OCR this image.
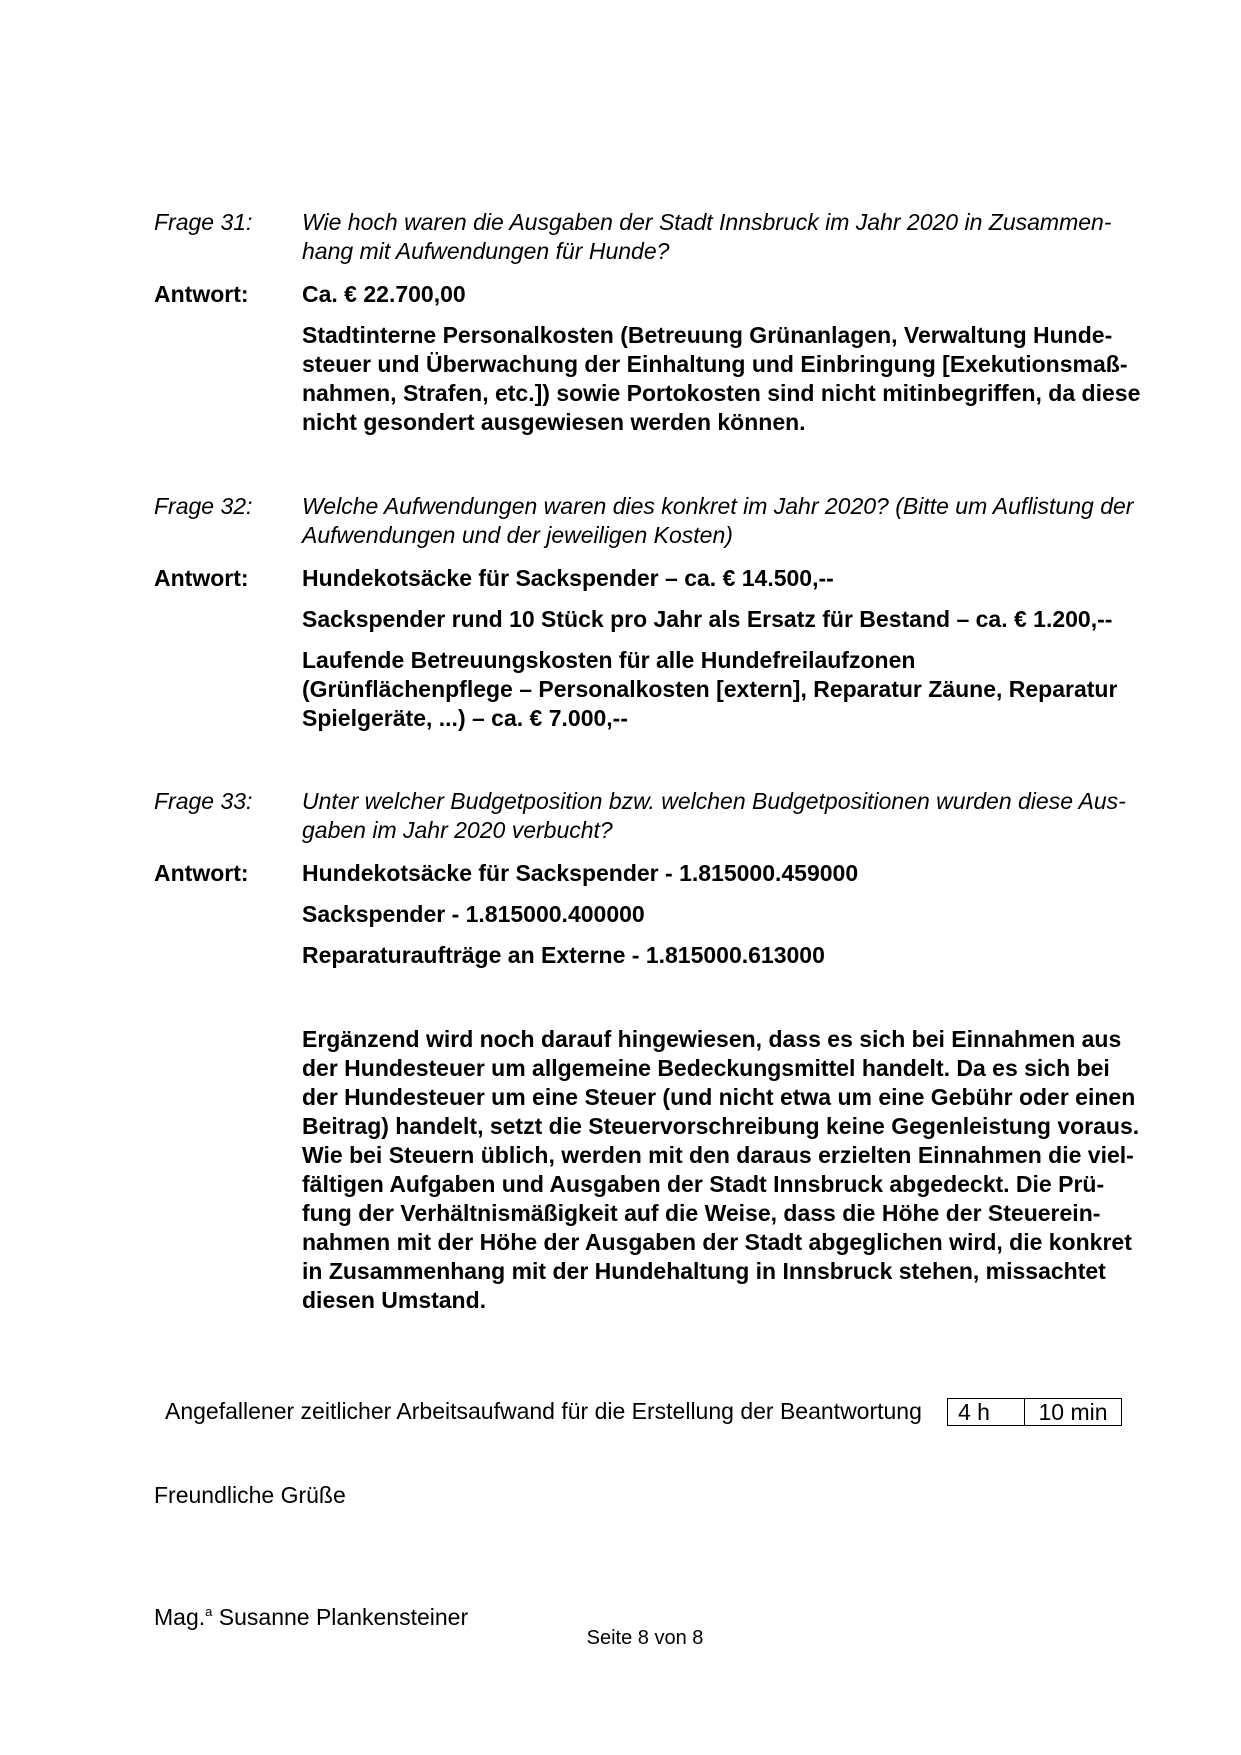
Frage 31: Wie hoch waren die Ausgaben der Stadt Innsbruck im Jahr 2020 in Zusammen-hang mit Aufwendungen für Hunde?
Antwort: Ca. € 22.700,00
Stadtinterne Personalkosten (Betreuung Grünanlagen, Verwaltung Hunde-steuer und Überwachung der Einhaltung und Einbringung [Exekutionsmaß-nahmen, Strafen, etc.]) sowie Portokosten sind nicht mitinbegriffen, da diese nicht gesondert ausgewiesen werden können.
Frage 32: Welche Aufwendungen waren dies konkret im Jahr 2020? (Bitte um Auflistung der Aufwendungen und der jeweiligen Kosten)
Antwort: Hundekotsäcke für Sackspender – ca. € 14.500,--
Sackspender rund 10 Stück pro Jahr als Ersatz für Bestand – ca. € 1.200,--
Laufende Betreuungskosten für alle Hundefreilaufzonen (Grünflächenpflege – Personalkosten [extern], Reparatur Zäune, Reparatur Spielgeräte, ...) – ca. € 7.000,--
Frage 33: Unter welcher Budgetposition bzw. welchen Budgetpositionen wurden diese Aus-gaben im Jahr 2020 verbucht?
Antwort: Hundekotsäcke für Sackspender - 1.815000.459000
Sackspender - 1.815000.400000
Reparaturaufträge an Externe - 1.815000.613000
Ergänzend wird noch darauf hingewiesen, dass es sich bei Einnahmen aus der Hundesteuer um allgemeine Bedeckungsmittel handelt. Da es sich bei der Hundesteuer um eine Steuer (und nicht etwa um eine Gebühr oder einen Beitrag) handelt, setzt die Steuervorschreibung keine Gegenleistung voraus. Wie bei Steuern üblich, werden mit den daraus erzielten Einnahmen die viel-fältigen Aufgaben und Ausgaben der Stadt Innsbruck abgedeckt. Die Prü-fung der Verhältnismäßigkeit auf die Weise, dass die Höhe der Steuerein-nahmen mit der Höhe der Ausgaben der Stadt abgeglichen wird, die konkret in Zusammenhang mit der Hundehaltung in Innsbruck stehen, missachtet diesen Umstand.
Angefallener zeitlicher Arbeitsaufwand für die Erstellung der Beantwortung	4 h	10 min
Freundliche Grüße
Mag.$^a$ Susanne Plankensteiner
Seite 8 von 8
